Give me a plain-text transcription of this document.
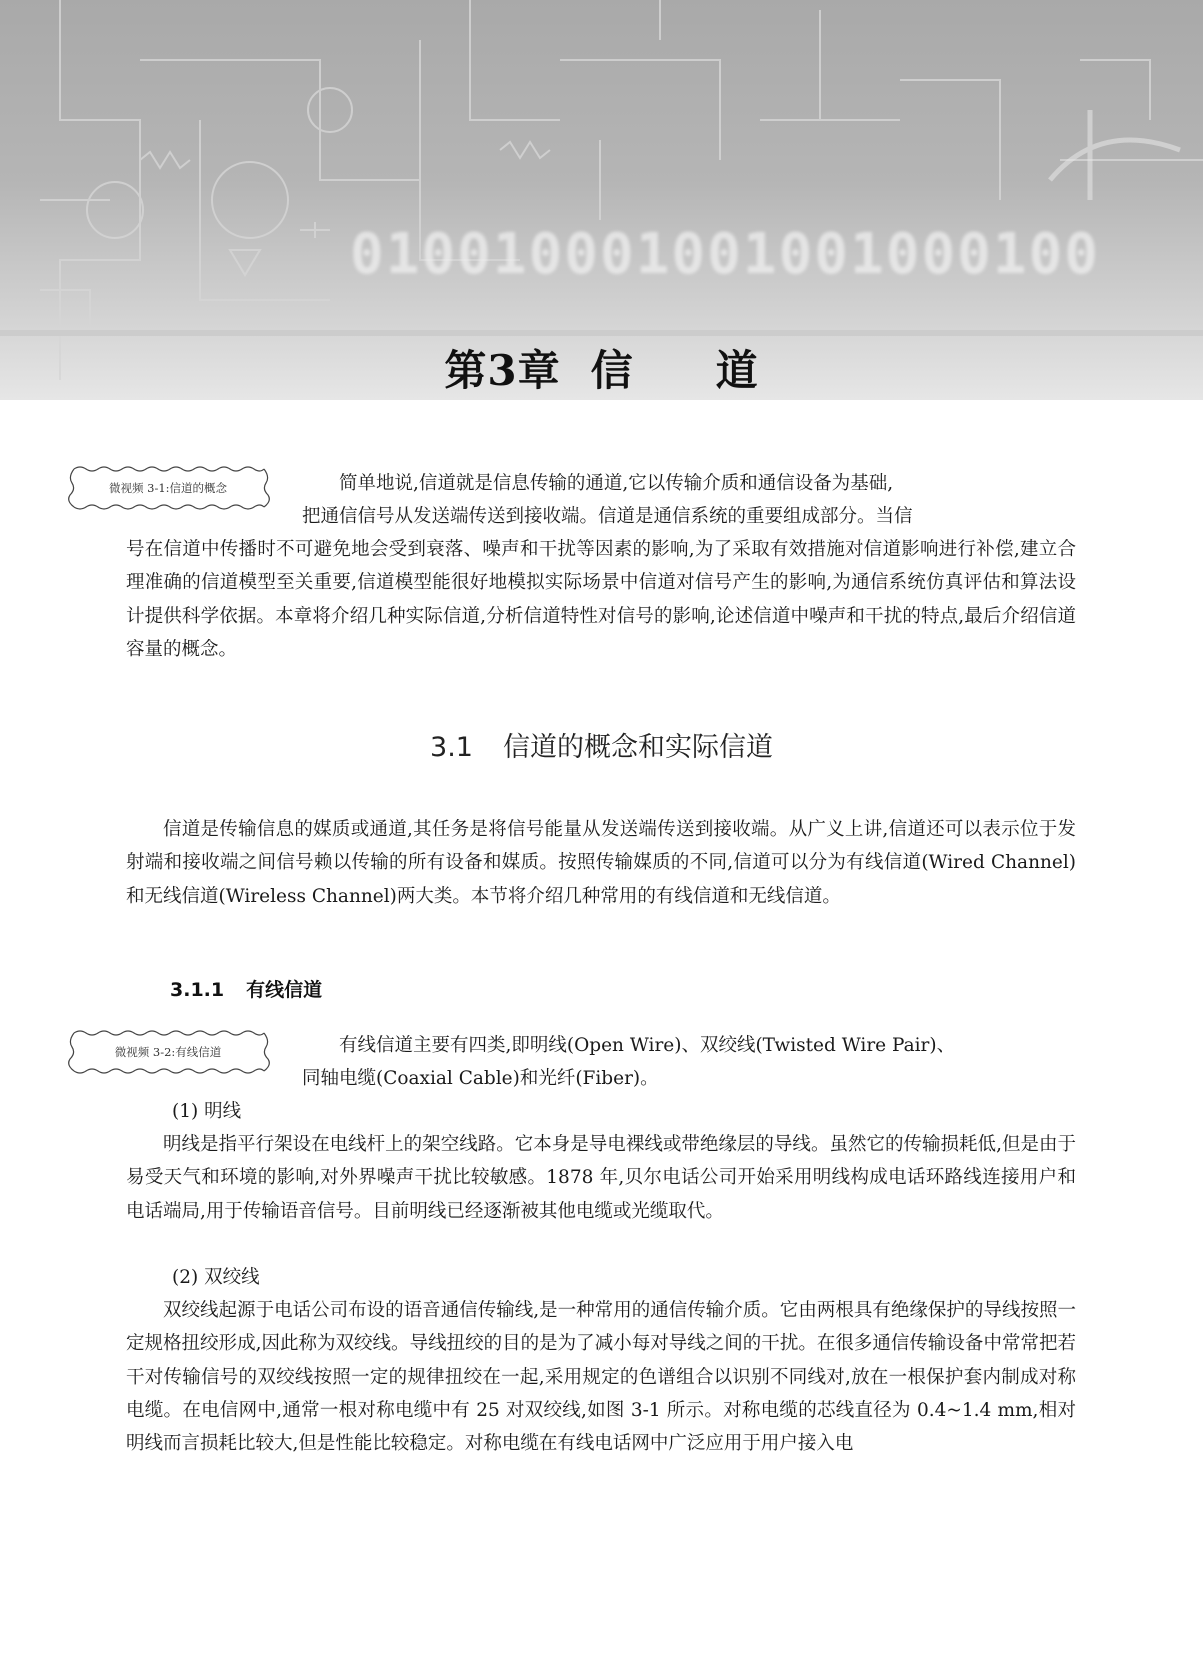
010010001001001000100
第3章 信 道
微视频 3-1:信道的概念	简单地说,信道就是信息传输的通道,它以传输介质和通信设备为基础,

把通信信号从发送端传送到接收端。信道是通信系统的重要组成部分。当信

号在信道中传播时不可避免地会受到衰落、噪声和干扰等因素的影响,为了采取有效措施对信道影响进行补偿,建立合理准确的信道模型至关重要,信道模型能很好地模拟实际场景中信道对信号产生的影响,为通信系统仿真评估和算法设计提供科学依据。本章将介绍几种实际信道,分析信道特性对信号的影响,论述信道中噪声和干扰的特点,最后介绍信道容量的概念。

3.1 信道的概念和实际信道

信道是传输信息的媒质或通道,其任务是将信号能量从发送端传送到接收端。从广义上讲,信道还可以表示位于发射端和接收端之间信号赖以传输的所有设备和媒质。按照传输媒质的不同,信道可以分为有线信道(Wired Channel)和无线信道(Wireless Channel)两大类。本节将介绍几种常用的有线信道和无线信道。

3.1.1 有线信道
微视频 3-2:有线信道	有线信道主要有四类,即明线(Open Wire)、双绞线(Twisted Wire Pair)、

同轴电缆(Coaxial Cable)和光纤(Fiber)。

(1) 明线

明线是指平行架设在电线杆上的架空线路。它本身是导电裸线或带绝缘层的导线。虽然它的传输损耗低,但是由于易受天气和环境的影响,对外界噪声干扰比较敏感。1878 年,贝尔电话公司开始采用明线构成电话环路线连接用户和电话端局,用于传输语音信号。目前明线已经逐渐被其他电缆或光缆取代。

(2) 双绞线

双绞线起源于电话公司布设的语音通信传输线,是一种常用的通信传输介质。它由两根具有绝缘保护的导线按照一定规格扭绞形成,因此称为双绞线。导线扭绞的目的是为了减小每对导线之间的干扰。在很多通信传输设备中常常把若干对传输信号的双绞线按照一定的规律扭绞在一起,采用规定的色谱组合以识别不同线对,放在一根保护套内制成对称电缆。在电信网中,通常一根对称电缆中有 25 对双绞线,如图 3-1 所示。对称电缆的芯线直径为 0.4~1.4 mm,相对明线而言损耗比较大,但是性能比较稳定。对称电缆在有线电话网中广泛应用于用户接入电
